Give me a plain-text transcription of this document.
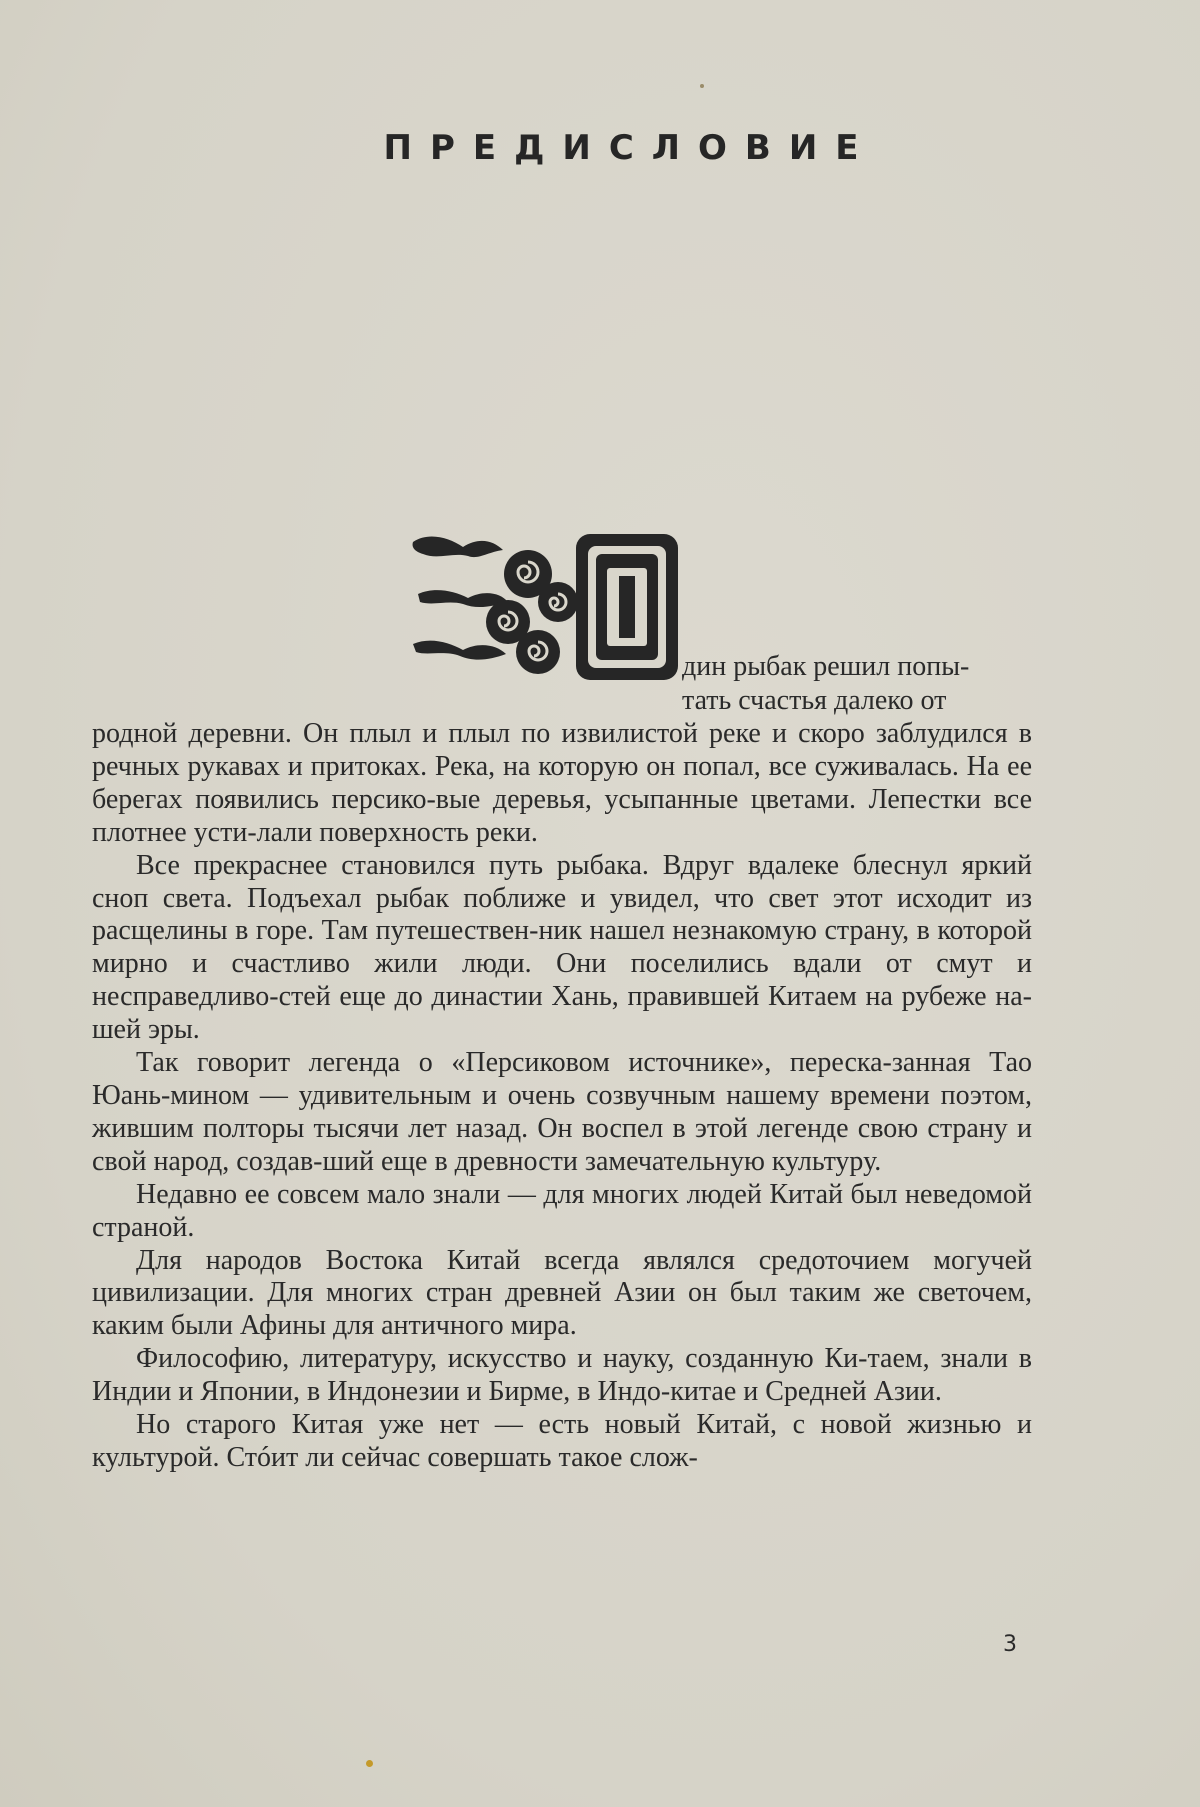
ПРЕДИСЛОВИЕ
дин рыбак решил попы-
тать счастья далеко от

родной деревни. Он плыл и плыл по извилистой реке и скоро заблудился в речных рукавах и притоках. Река, на которую он попал, все суживалась. На ее берегах появились персико-вые деревья, усыпанные цветами. Лепестки все плотнее усти-лали поверхность реки.

Все прекраснее становился путь рыбака. Вдруг вдалеке блеснул яркий сноп света. Подъехал рыбак поближе и увидел, что свет этот исходит из расщелины в горе. Там путешествен-ник нашел незнакомую страну, в которой мирно и счастливо жили люди. Они поселились вдали от смут и несправедливо-стей еще до династии Хань, правившей Китаем на рубеже на-шей эры.

Так говорит легенда о «Персиковом источнике», переска-занная Тао Юань-мином — удивительным и очень созвучным нашему времени поэтом, жившим полторы тысячи лет назад. Он воспел в этой легенде свою страну и свой народ, создав-ший еще в древности замечательную культуру.

Недавно ее совсем мало знали — для многих людей Китай был неведомой страной.

Для народов Востока Китай всегда являлся средоточием могучей цивилизации. Для многих стран древней Азии он был таким же светочем, каким были Афины для античного мира.

Философию, литературу, искусство и науку, созданную Ки-таем, знали в Индии и Японии, в Индонезии и Бирме, в Индо-китае и Средней Азии.

Но старого Китая уже нет — есть новый Китай, с новой жизнью и культурой. Стóит ли сейчас совершать такое слож-

3
